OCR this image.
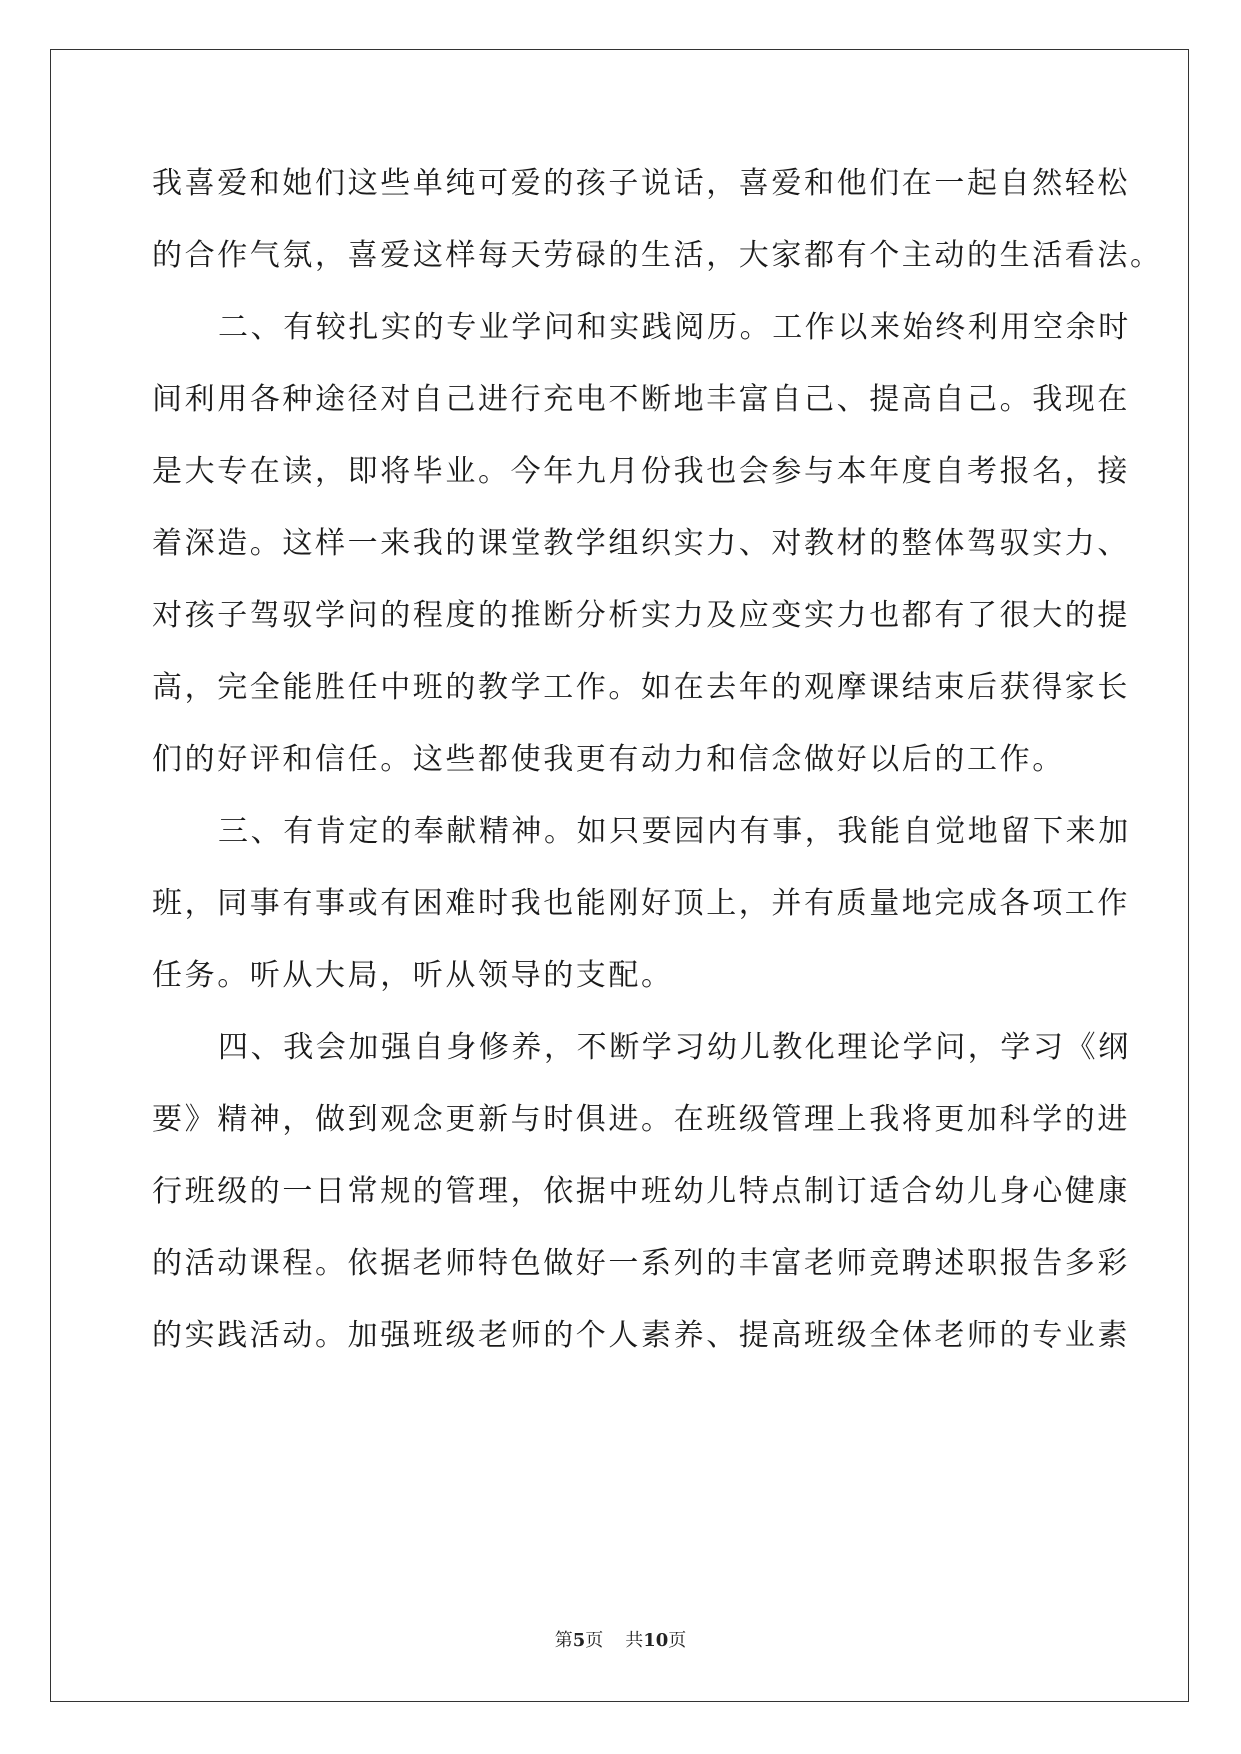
我喜爱和她们这些单纯可爱的孩子说话，喜爱和他们在一起自然轻松
的合作气氛，喜爱这样每天劳碌的生活，大家都有个主动的生活看法。
二、有较扎实的专业学问和实践阅历。工作以来始终利用空余时
间利用各种途径对自己进行充电不断地丰富自己、提高自己。我现在
是大专在读，即将毕业。今年九月份我也会参与本年度自考报名，接
着深造。这样一来我的课堂教学组织实力、对教材的整体驾驭实力、
对孩子驾驭学问的程度的推断分析实力及应变实力也都有了很大的提
高，完全能胜任中班的教学工作。如在去年的观摩课结束后获得家长
们的好评和信任。这些都使我更有动力和信念做好以后的工作。
三、有肯定的奉献精神。如只要园内有事，我能自觉地留下来加
班，同事有事或有困难时我也能刚好顶上，并有质量地完成各项工作
任务。听从大局，听从领导的支配。
四、我会加强自身修养，不断学习幼儿教化理论学问，学习《纲
要》精神，做到观念更新与时俱进。在班级管理上我将更加科学的进
行班级的一日常规的管理，依据中班幼儿特点制订适合幼儿身心健康
的活动课程。依据老师特色做好一系列的丰富老师竞聘述职报告多彩
的实践活动。加强班级老师的个人素养、提高班级全体老师的专业素
第5页 共10页
